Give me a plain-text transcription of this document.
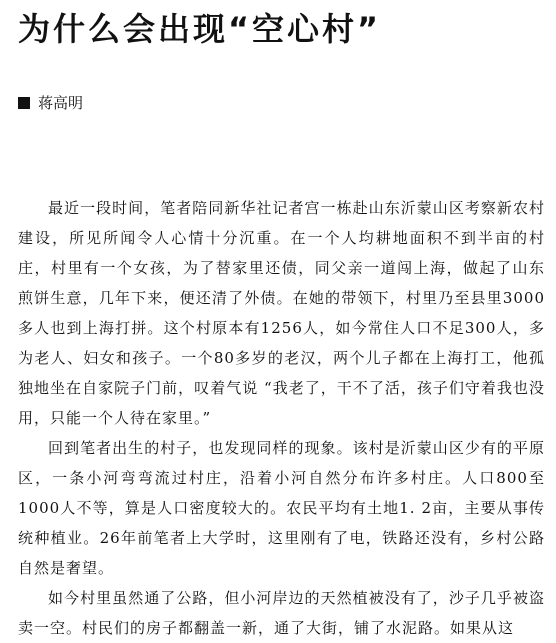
为什么会出现“空心村”
蒋高明

最近一段时间，笔者陪同新华社记者宫一栋赴山东沂蒙山区考察新农村建设，所见所闻令人心情十分沉重。在一个人均耕地面积不到半亩的村庄，村里有一个女孩，为了替家里还债，同父亲一道闯上海，做起了山东煎饼生意，几年下来，便还清了外债。在她的带领下，村里乃至县里3000多人也到上海打拼。这个村原本有1256人，如今常住人口不足300人，多为老人、妇女和孩子。一个80多岁的老汉，两个儿子都在上海打工，他孤独地坐在自家院子门前，叹着气说 “我老了，干不了活，孩子们守着我也没用，只能一个人待在家里。”

回到笔者出生的村子，也发现同样的现象。该村是沂蒙山区少有的平原区，一条小河弯弯流过村庄，沿着小河自然分布许多村庄。人口800至1000人不等，算是人口密度较大的。农民平均有土地1. 2亩，主要从事传统种植业。26年前笔者上大学时，这里刚有了电，铁路还没有，乡村公路自然是奢望。

如今村里虽然通了公路，但小河岸边的天然植被没有了，沙子几乎被盗卖一空。村民们的房子都翻盖一新，通了大街，铺了水泥路。如果从这
